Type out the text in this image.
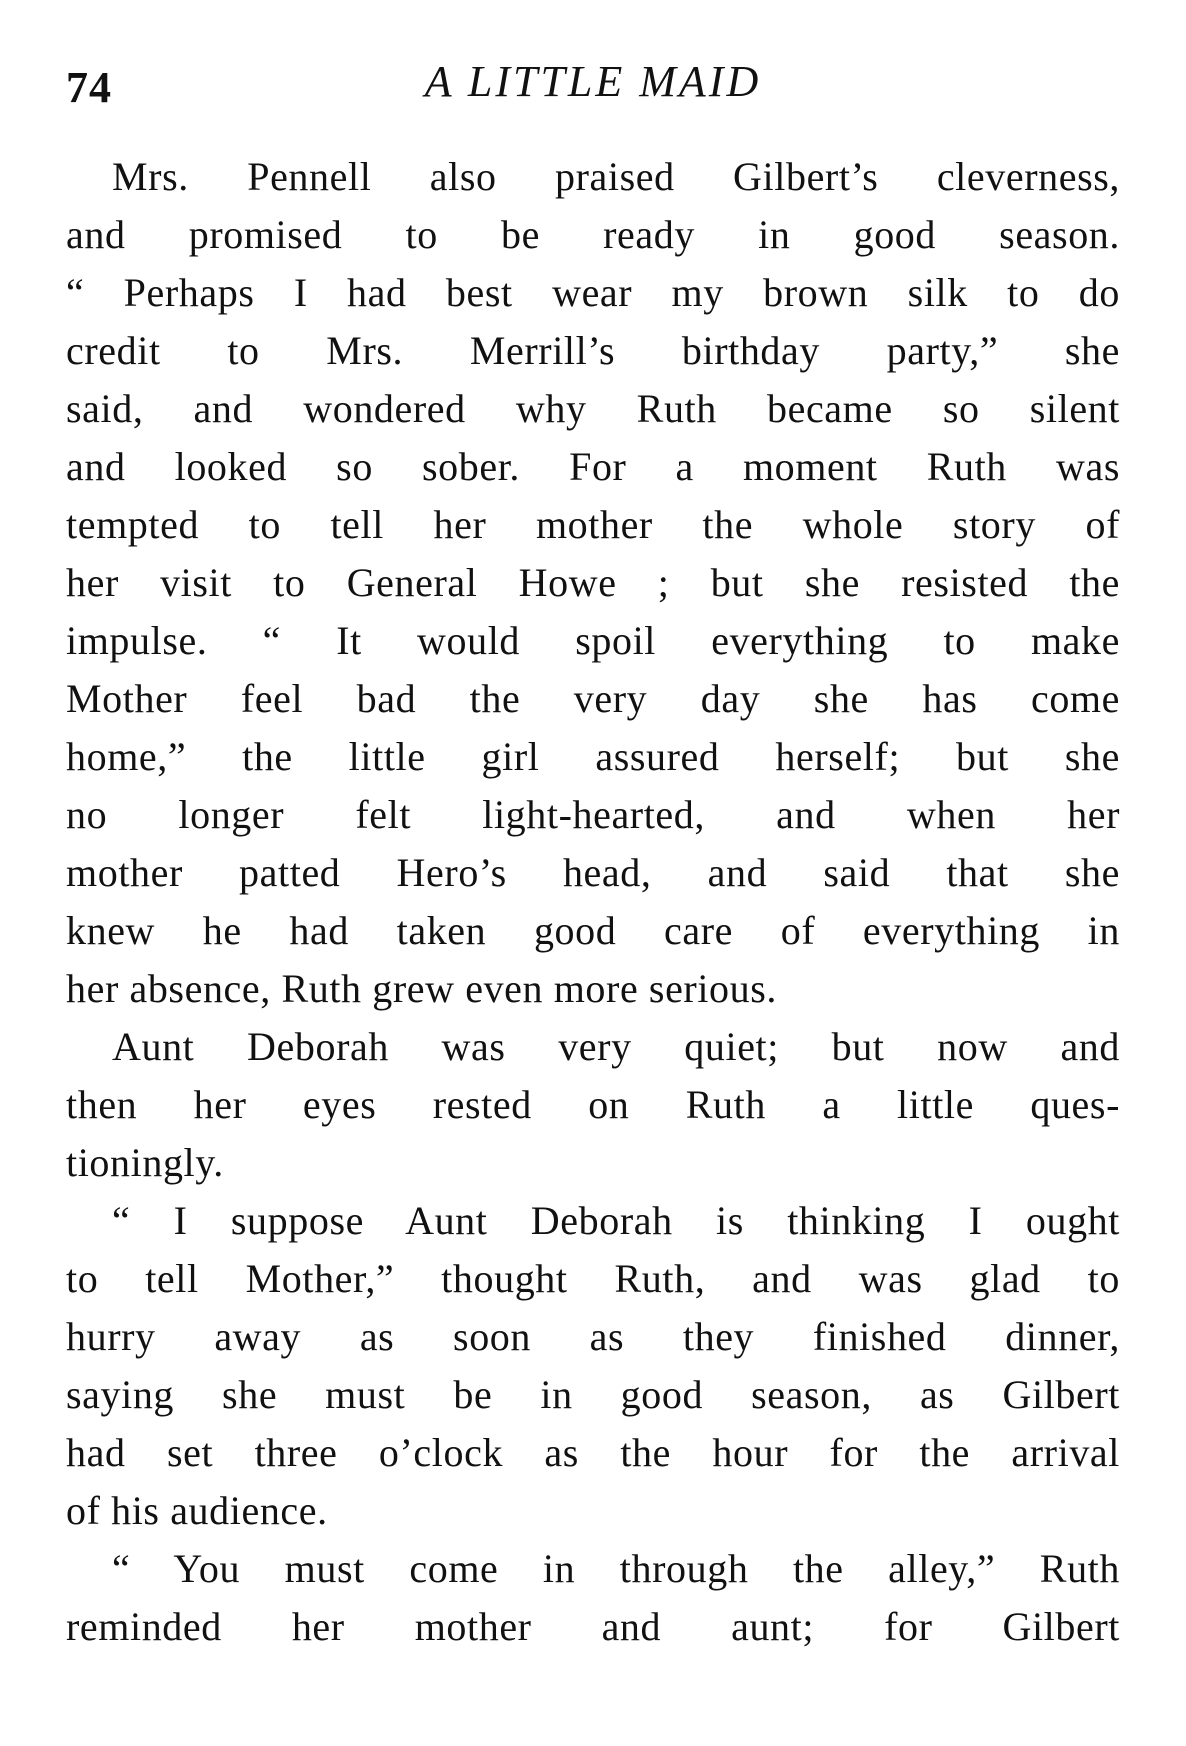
74	A LITTLE MAID
Mrs. Pennell also praised Gilbert’s cleverness,
and promised to be ready in good season.
“ Perhaps I had best wear my brown silk to do
credit to Mrs. Merrill’s birthday party,” she
said, and wondered why Ruth became so silent
and looked so sober. For a moment Ruth was
tempted to tell her mother the whole story of
her visit to General Howe ; but she resisted the
impulse. “ It would spoil everything to make
Mother feel bad the very day she has come
home,” the little girl assured herself; but she
no longer felt light-hearted, and when her
mother patted Hero’s head, and said that she
knew he had taken good care of everything in
her absence, Ruth grew even more serious.
Aunt Deborah was very quiet; but now and
then her eyes rested on Ruth a little ques-
tioningly.
“ I suppose Aunt Deborah is thinking I ought
to tell Mother,” thought Ruth, and was glad to
hurry away as soon as they finished dinner,
saying she must be in good season, as Gilbert
had set three o’clock as the hour for the arrival
of his audience.
“ You must come in through the alley,” Ruth
reminded her mother and aunt; for Gilbert
